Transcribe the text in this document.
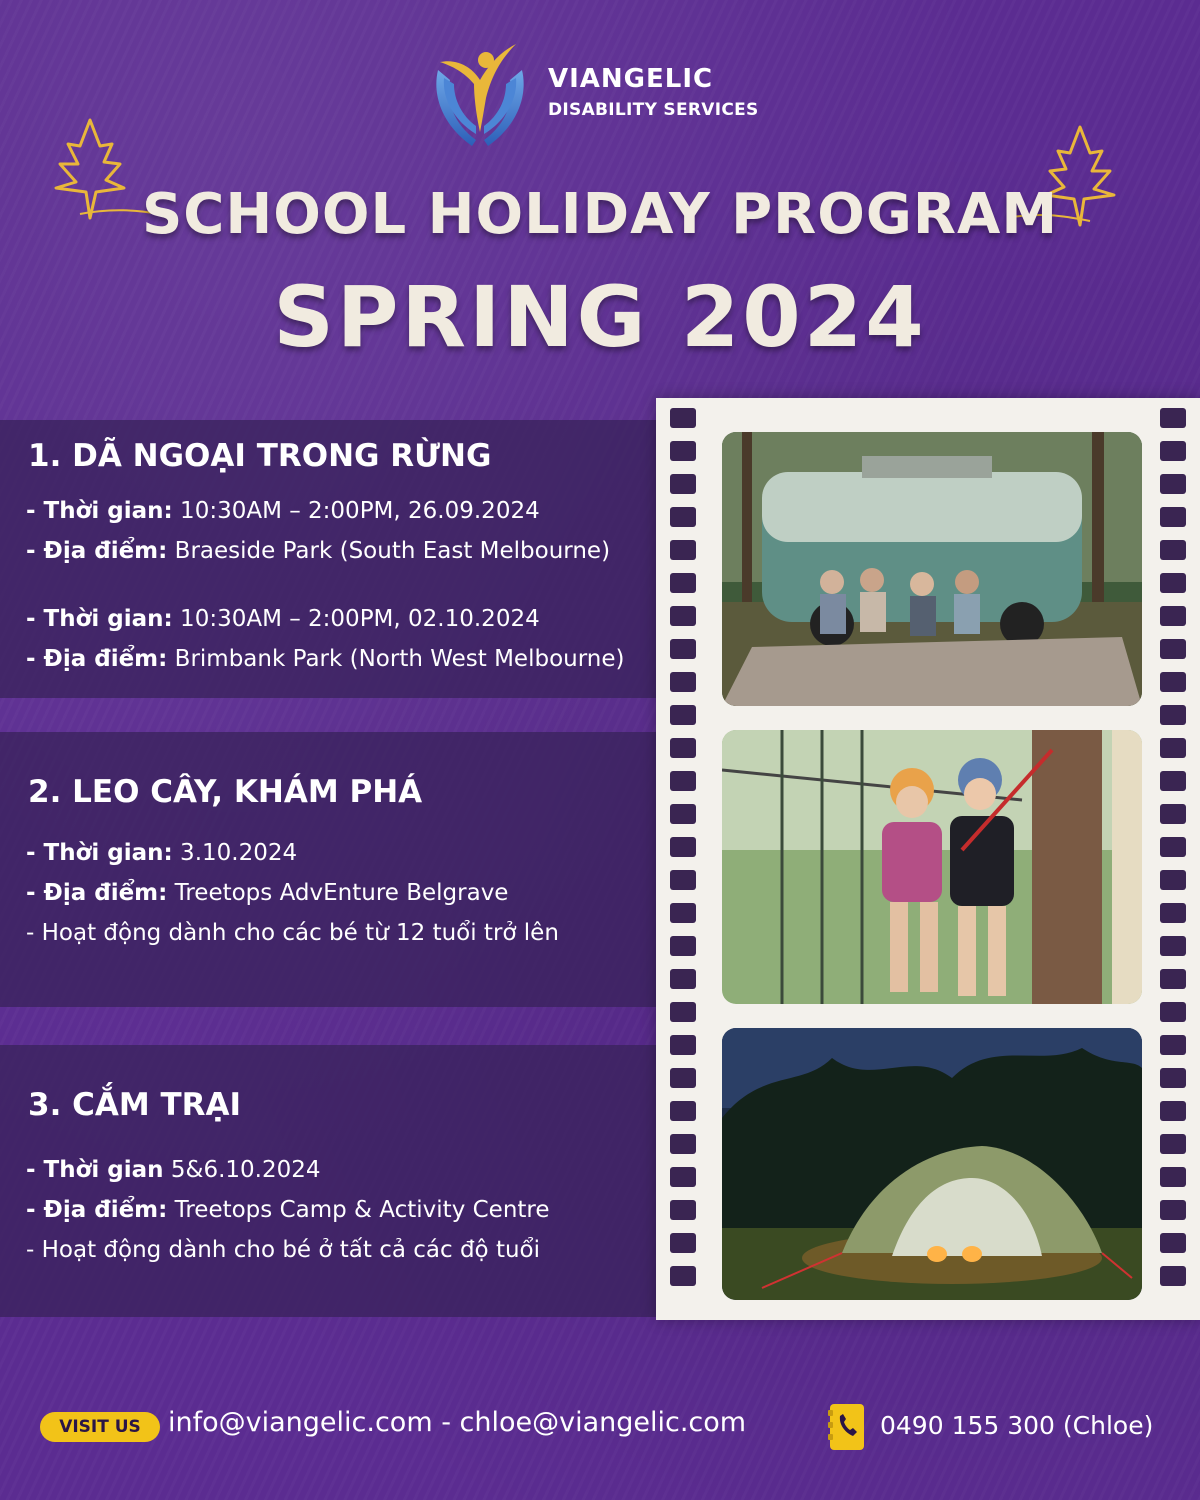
VIANGELIC
DISABILITY SERVICES
SCHOOL HOLIDAY PROGRAM
SPRING 2024
1. DÃ NGOẠI TRONG RỪNG
- Thời gian: 10:30AM – 2:00PM, 26.09.2024
- Địa điểm: Braeside Park (South East Melbourne)
- Thời gian: 10:30AM – 2:00PM, 02.10.2024
- Địa điểm: Brimbank Park (North West Melbourne)
2. LEO CÂY, KHÁM PHÁ
- Thời gian: 3.10.2024
- Địa điểm: Treetops AdvEnture Belgrave
- Hoạt động dành cho các bé từ 12 tuổi trở lên
3. CẮM TRẠI
- Thời gian 5&6.10.2024
- Địa điểm: Treetops Camp & Activity Centre
- Hoạt động dành cho bé ở tất cả các độ tuổi
VISIT US	info@viangelic.com - chloe@viangelic.com	0490 155 300 (Chloe)
